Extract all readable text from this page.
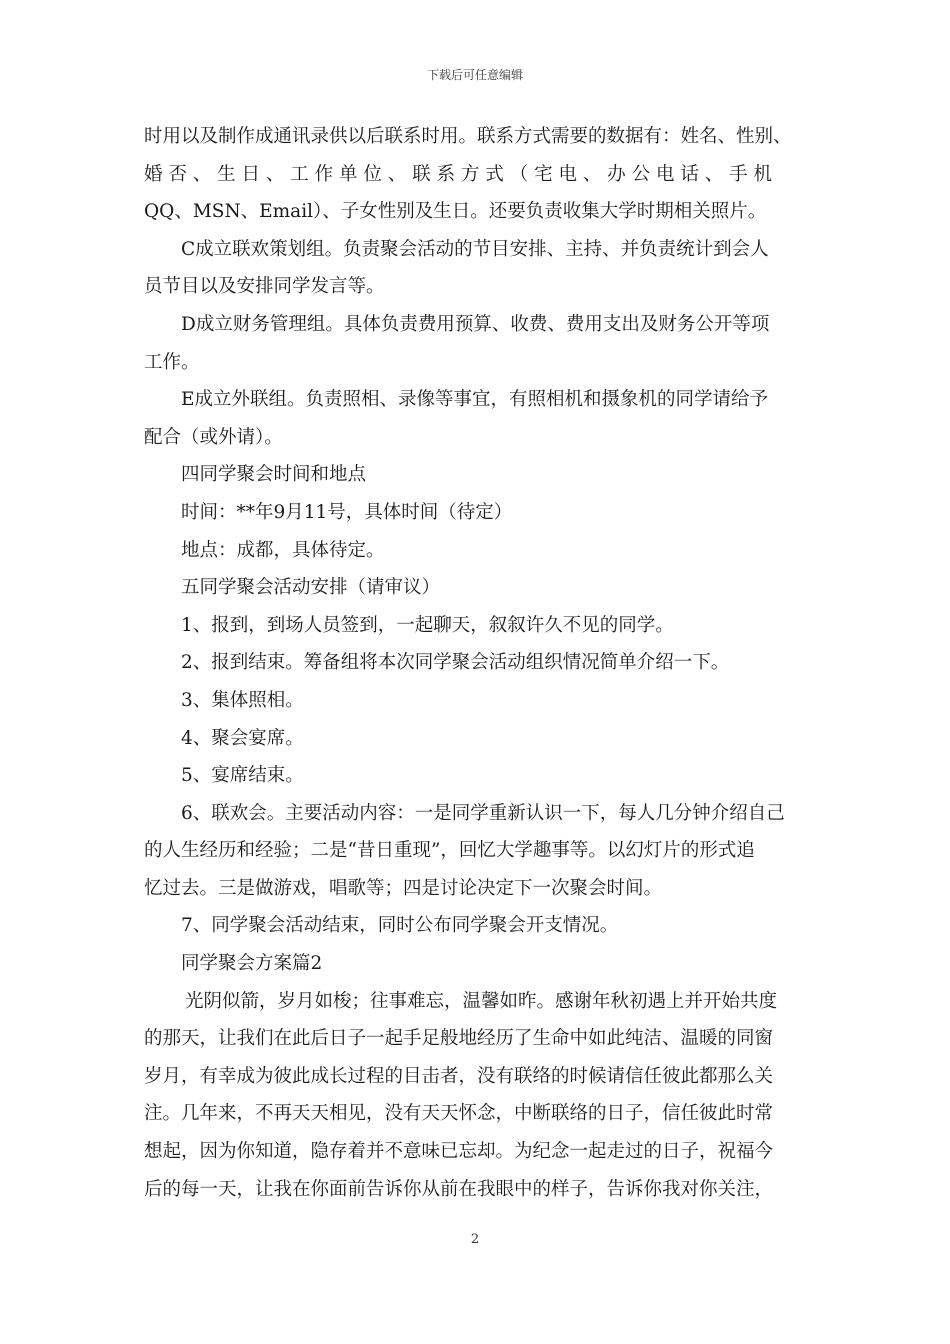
下载后可任意编辑

时用以及制作成通讯录供以后联系时用。联系方式需要的数据有：姓名、性别、

婚 否 、 生 日 、 工 作 单 位 、 联 系 方 式 （ 宅 电 、 办 公 电 话 、 手 机

QQ、MSN、Email）、子女性别及生日。还要负责收集大学时期相关照片。

C成立联欢策划组。负责聚会活动的节目安排、主持、并负责统计到会人

员节目以及安排同学发言等。

D成立财务管理组。具体负责费用预算、收费、费用支出及财务公开等项

工作。

E成立外联组。负责照相、录像等事宜，有照相机和摄象机的同学请给予

配合（或外请）。

四同学聚会时间和地点

时间：**年9月11号，具体时间（待定）

地点：成都，具体待定。

五同学聚会活动安排（请审议）

1、报到，到场人员签到，一起聊天，叙叙许久不见的同学。

2、报到结束。筹备组将本次同学聚会活动组织情况简单介绍一下。

3、集体照相。

4、聚会宴席。

5、宴席结束。

6、联欢会。主要活动内容：一是同学重新认识一下，每人几分钟介绍自己

的人生经历和经验；二是“昔日重现”，回忆大学趣事等。以幻灯片的形式追

忆过去。三是做游戏，唱歌等；四是讨论决定下一次聚会时间。

7、同学聚会活动结束，同时公布同学聚会开支情况。

同学聚会方案篇2

光阴似箭，岁月如梭；往事难忘，温馨如昨。感谢年秋初遇上并开始共度

的那天，让我们在此后日子一起手足般地经历了生命中如此纯洁、温暖的同窗

岁月，有幸成为彼此成长过程的目击者，没有联络的时候请信任彼此都那么关

注。几年来，不再天天相见，没有天天怀念，中断联络的日子，信任彼此时常

想起，因为你知道，隐存着并不意味已忘却。为纪念一起走过的日子，祝福今

后的每一天，让我在你面前告诉你从前在我眼中的样子，告诉你我对你关注，

2
